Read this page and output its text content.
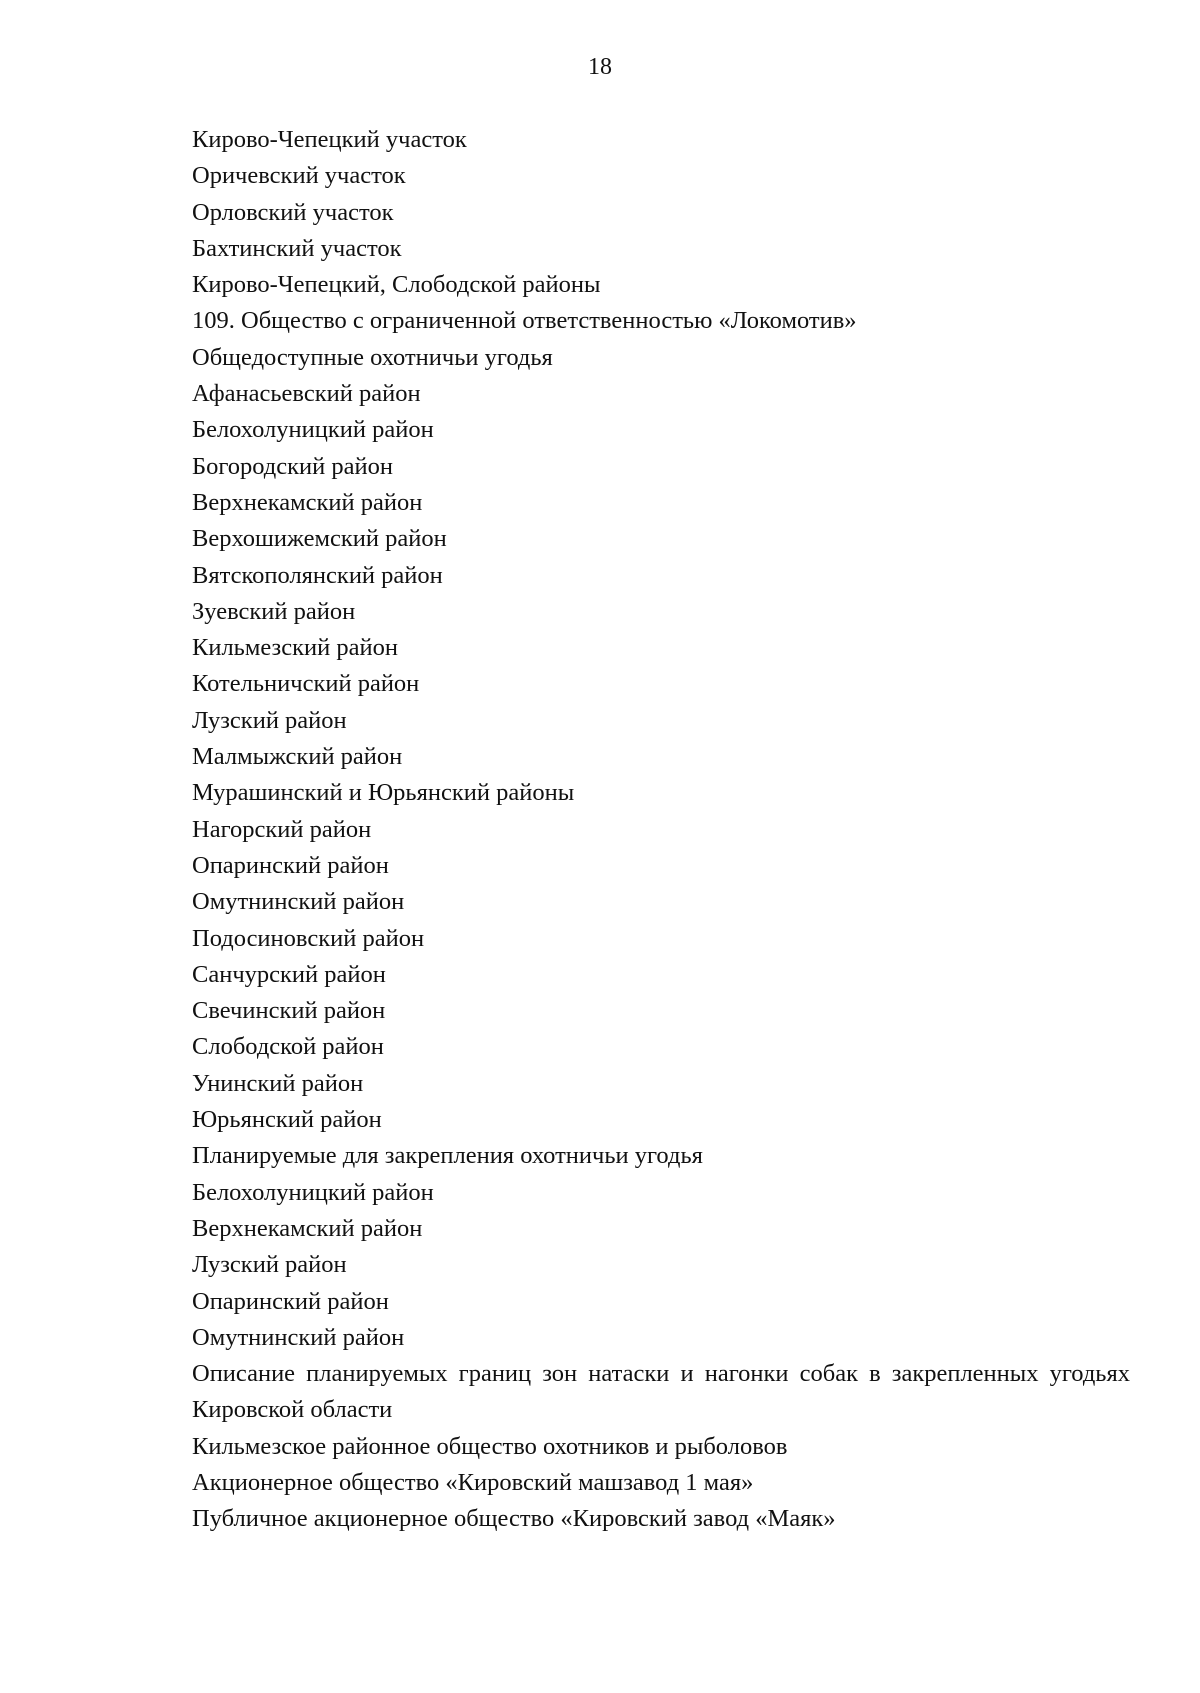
18
Кирово-Чепецкий участок
Оричевский участок
Орловский участок
Бахтинский участок
Кирово-Чепецкий, Слободской районы
109. Общество с ограниченной ответственностью «Локомотив»
Общедоступные охотничьи угодья
Афанасьевский район
Белохолуницкий район
Богородский район
Верхнекамский район
Верхошижемский район
Вятскополянский район
Зуевский район
Кильмезский район
Котельничский район
Лузский район
Малмыжский район
Мурашинский и Юрьянский районы
Нагорский район
Опаринский район
Омутнинский район
Подосиновский район
Санчурский район
Свечинский район
Слободской район
Унинский район
Юрьянский район
Планируемые для закрепления охотничьи угодья
Белохолуницкий район
Верхнекамский район
Лузский район
Опаринский район
Омутнинский район
Описание планируемых границ зон натаски и нагонки собак в закрепленных угодьях Кировской области
Кильмезское районное общество охотников и рыболовов
Акционерное общество «Кировский машзавод 1 мая»
Публичное акционерное общество «Кировский завод «Маяк»
